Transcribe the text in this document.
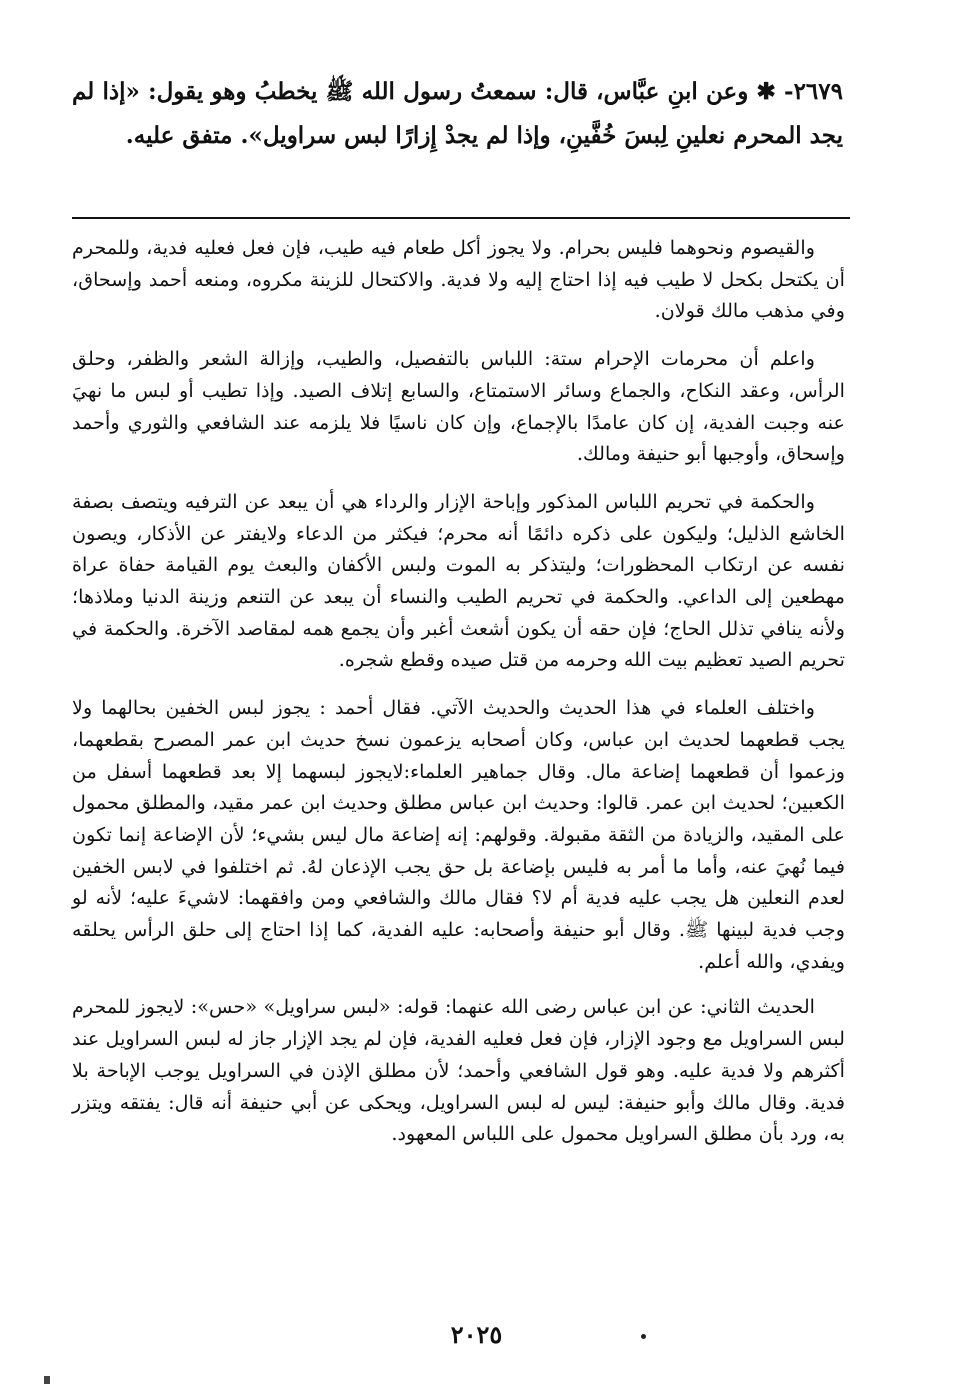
٢٦٧٩- ✱ وعن ابنِ عبَّاس، قال: سمعتُ رسول الله ﷺ يخطبُ وهو يقول: «إذا لم يجد المحرم نعلينِ لِبسَ خُفَّينِ، وإذا لم يجدْ إِزارًا لبس سراويل». متفق عليه.

والقيصوم ونحوهما فليس بحرام. ولا يجوز أكل طعام فيه طيب، فإن فعل فعليه فدية، وللمحرم أن يكتحل بكحل لا طيب فيه إذا احتاج إليه ولا فدية. والاكتحال للزينة مكروه، ومنعه أحمد وإسحاق، وفي مذهب مالك قولان.

واعلم أن محرمات الإحرام ستة: اللباس بالتفصيل، والطيب، وإزالة الشعر والظفر، وحلق الرأس، وعقد النكاح، والجماع وسائر الاستمتاع، والسابع إتلاف الصيد. وإذا تطيب أو لبس ما نهيَ عنه وجبت الفدية، إن كان عامدًا بالإجماع، وإن كان ناسيًا فلا يلزمه عند الشافعي والثوري وأحمد وإسحاق، وأوجبها أبو حنيفة ومالك.

والحكمة في تحريم اللباس المذكور وإباحة الإزار والرداء هي أن يبعد عن الترفيه ويتصف بصفة الخاشع الذليل؛ وليكون على ذكره دائمًا أنه محرم؛ فيكثر من الدعاء ولايفتر عن الأذكار، ويصون نفسه عن ارتكاب المحظورات؛ وليتذكر به الموت ولبس الأكفان والبعث يوم القيامة حفاة عراة مهطعين إلى الداعي. والحكمة في تحريم الطيب والنساء أن يبعد عن التنعم وزينة الدنيا وملاذها؛ ولأنه ينافي تذلل الحاج؛ فإن حقه أن يكون أشعث أغبر وأن يجمع همه لمقاصد الآخرة. والحكمة في تحريم الصيد تعظيم بيت الله وحرمه من قتل صيده وقطع شجره.

واختلف العلماء في هذا الحديث والحديث الآتي. فقال أحمد : يجوز لبس الخفين بحالهما ولا يجب قطعهما لحديث ابن عباس، وكان أصحابه يزعمون نسخ حديث ابن عمر المصرح بقطعهما، وزعموا أن قطعهما إضاعة مال. وقال جماهير العلماء:لايجوز لبسهما إلا بعد قطعهما أسفل من الكعبين؛ لحديث ابن عمر. قالوا: وحديث ابن عباس مطلق وحديث ابن عمر مقيد، والمطلق محمول على المقيد، والزيادة من الثقة مقبولة. وقولهم: إنه إضاعة مال ليس بشيء؛ لأن الإضاعة إنما تكون فيما نُهيَ عنه، وأما ما أمر به فليس بإضاعة بل حق يجب الإذعان لهُ. ثم اختلفوا في لابس الخفين لعدم النعلين هل يجب عليه فدية أم لا؟ فقال مالك والشافعي ومن وافقهما: لاشيءَ عليه؛ لأنه لو وجب فدية لبينها ﷺ. وقال أبو حنيفة وأصحابه: عليه الفدية، كما إذا احتاج إلى حلق الرأس يحلقه ويفدي، والله أعلم.

الحديث الثاني: عن ابن عباس رضى الله عنهما: قوله: «لبس سراويل» «حس»: لايجوز للمحرم لبس السراويل مع وجود الإزار، فإن فعل فعليه الفدية، فإن لم يجد الإزار جاز له لبس السراويل عند أكثرهم ولا فدية عليه. وهو قول الشافعي وأحمد؛ لأن مطلق الإذن في السراويل يوجب الإباحة بلا فدية. وقال مالك وأبو حنيفة: ليس له لبس السراويل، ويحكى عن أبي حنيفة أنه قال: يفتقه ويتزر به، ورد بأن مطلق السراويل محمول على اللباس المعهود.

٢٠٢٥
